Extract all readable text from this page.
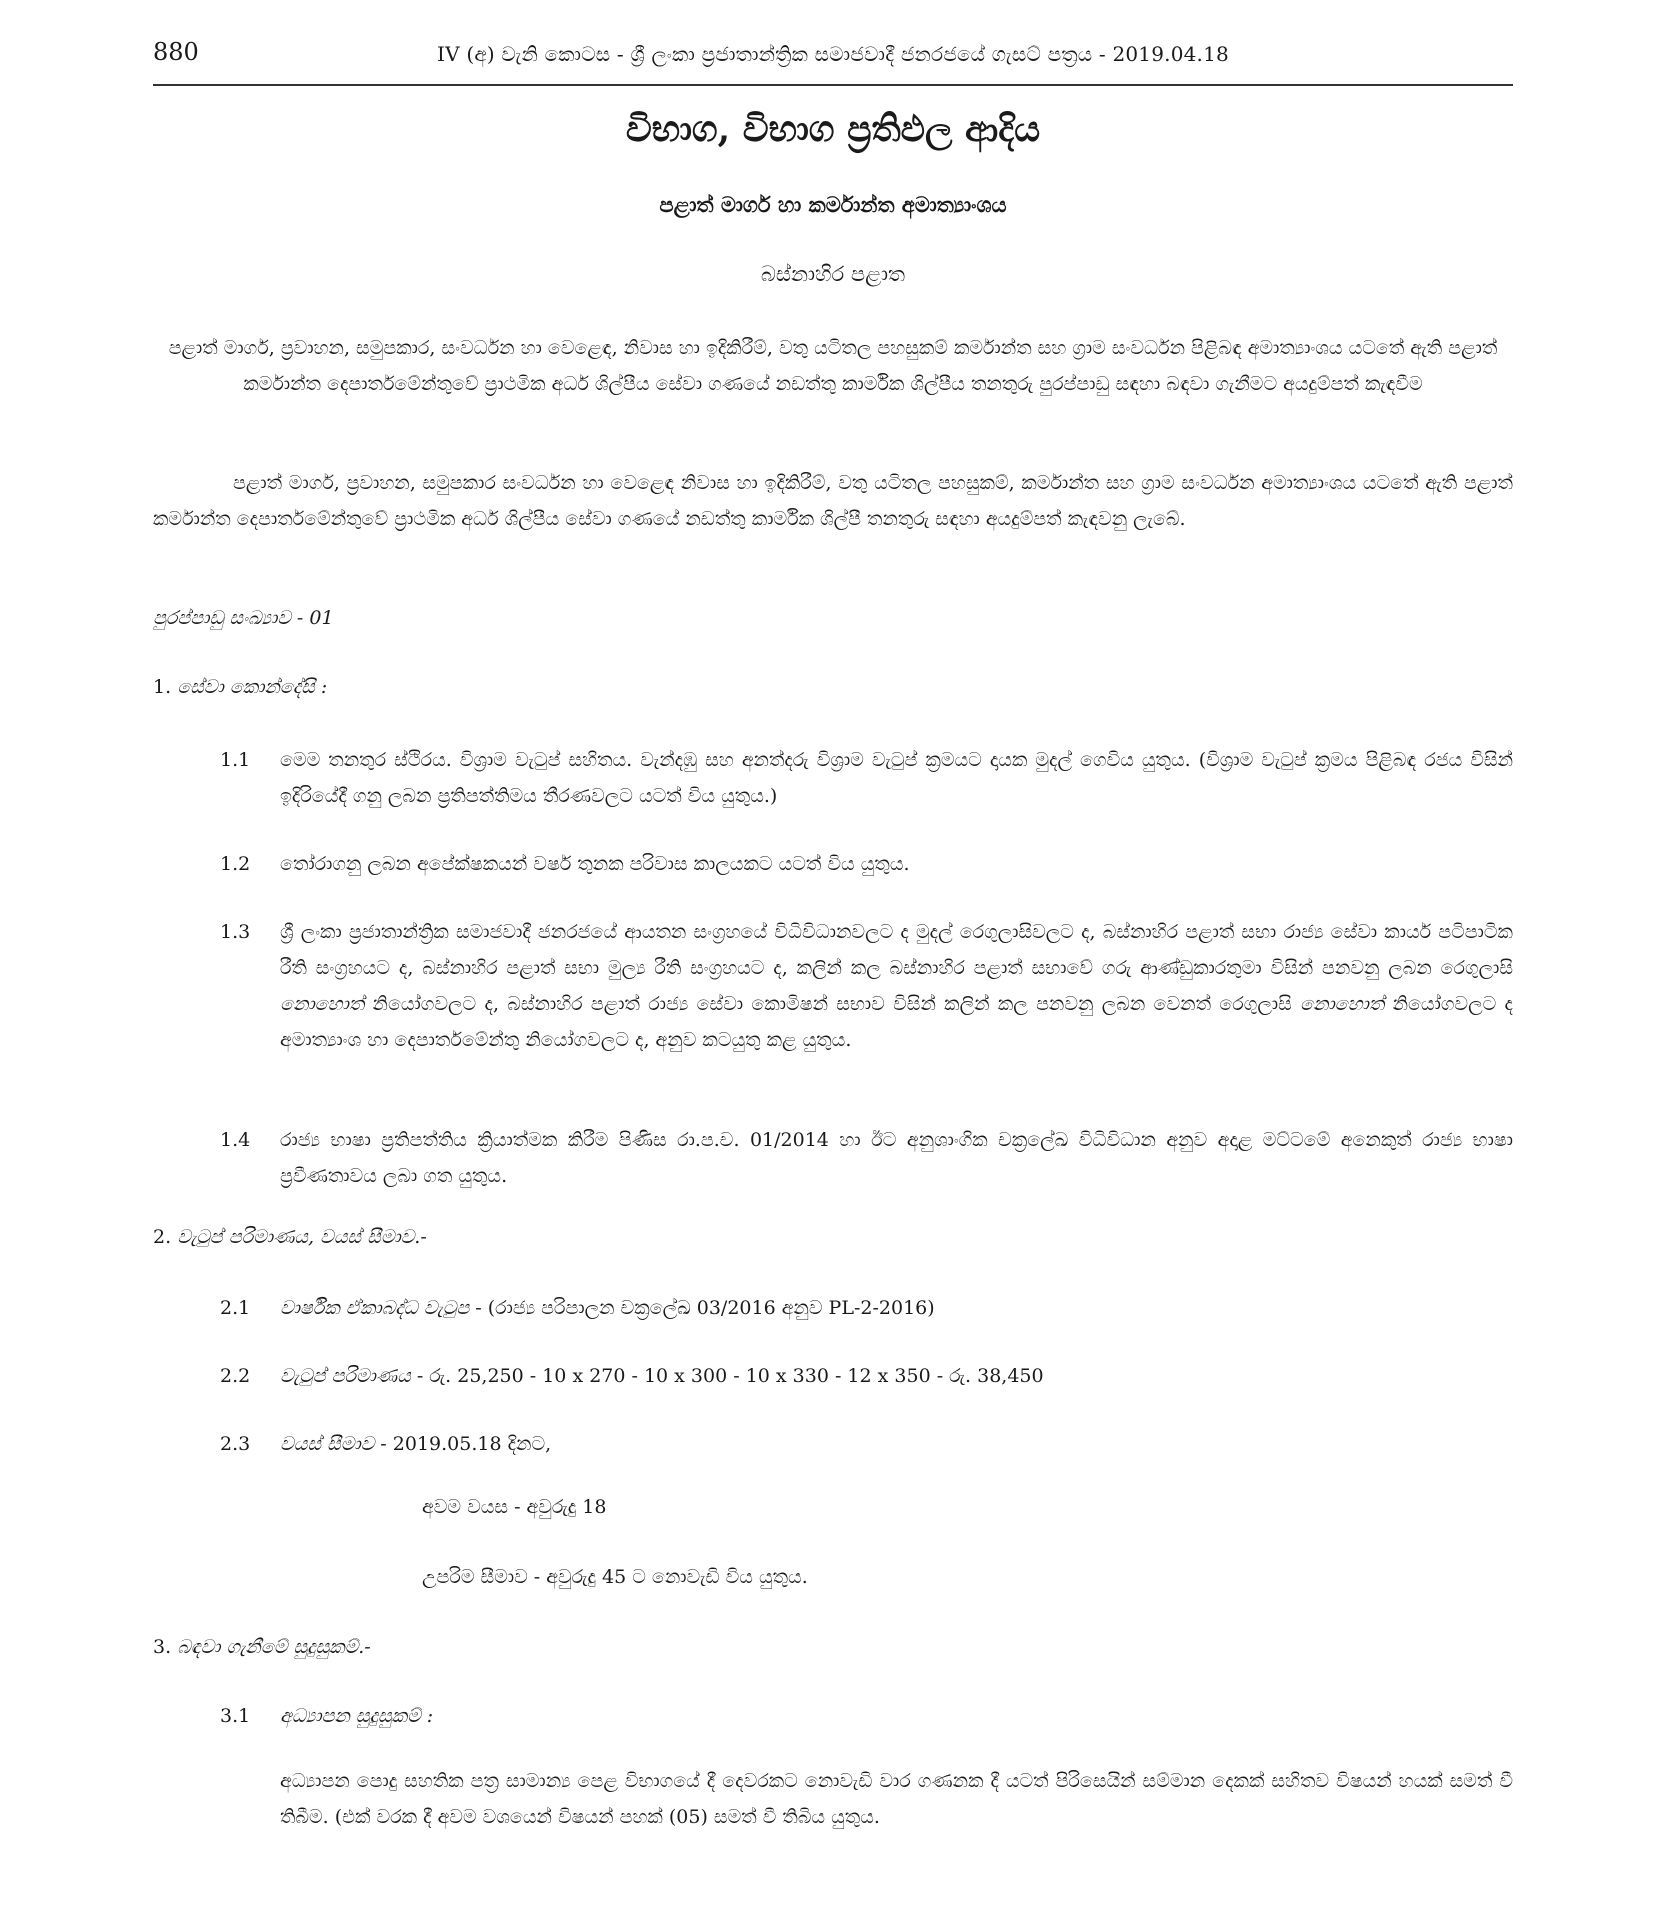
880	IV (අ) වැනි කොටස - ශ්‍රී ලංකා ප්‍රජාතාන්ත්‍රික සමාජවාදී ජනරජයේ ගැසට් පත්‍රය - 2019.04.18
විභාග, විභාග ප්‍රතිඵල ආදිය
පළාත් මාර්ග හා කර්මාන්ත අමාත්‍යාංශය
බස්නාහිර පළාත
පළාත් මාර්ග, ප්‍රවාහන, සමුපකාර, සංවර්ධන හා වෙළෙඳ, නිවාස හා ඉදිකිරීම්, වතු යටිතල පහසුකම් කර්මාන්ත සහ ග්‍රාම සංවර්ධන පිළිබඳ අමාත්‍යාංශය යටතේ ඇති පළාත් කර්මාන්ත දෙපාර්තමේන්තුවේ ප්‍රාථමික අර්ධ ශිල්පීය සේවා ගණයේ නඩත්තු කාර්මික ශිල්පීය තනතුරු පුරප්පාඩු සඳහා බඳවා ගැනීමට අයදුම්පත් කැඳවීම
පළාත් මාර්ග, ප්‍රවාහන, සමුපකාර සංවර්ධන හා වෙළෙඳ නිවාස හා ඉදිකිරීම්, වතු යටිතල පහසුකම්, කර්මාන්ත සහ ග්‍රාම සංවර්ධන අමාත්‍යාංශය යටතේ ඇති පළාත් කර්මාන්ත දෙපාර්තමේන්තුවේ ප්‍රාථමික අර්ධ ශිල්පීය සේවා ගණයේ නඩත්තු කාර්මික ශිල්පී තනතුරු සඳහා අයදුම්පත් කැඳවනු ලැබේ.
පුරප්පාඩු සංඛ්‍යාව - 01
1. සේවා කොන්දේසි :
1.1 මෙම තනතුර ස්ථිරය. විශ්‍රාම වැටුප් සහිතය. වැන්දඹු සහ අනත්දරු විශ්‍රාම වැටුප් ක්‍රමයට දායක මුදල් ගෙවිය යුතුය. (විශ්‍රාම වැටුප් ක්‍රමය පිළිබඳ රජය විසින් ඉදිරියේදී ගනු ලබන ප්‍රතිපත්තිමය තීරණවලට යටත් විය යුතුය.)
1.2 තෝරාගනු ලබන අපේක්ෂකයන් වර්ෂ තුනක පරිවාස කාලයකට යටත් විය යුතුය.
1.3 ශ්‍රී ලංකා ප්‍රජාතාන්ත්‍රික සමාජවාදී ජනරජයේ ආයතන සංග්‍රහයේ විධිවිධානවලට ද මුදල් රෙගුලාසිවලට ද, බස්නාහිර පළාත් සභා රාජ්‍ය සේවා කාර්ය පටිපාටික රීති සංග්‍රහයට ද, බස්නාහිර පළාත් සභා මුල්‍ය රීති සංග්‍රහයට ද, කලින් කල බස්නාහිර පළාත් සභාවේ ගරු ආණ්ඩුකාරතුමා විසින් පනවනු ලබන රෙගුලාසි නොහොත් නියෝගවලට ද, බස්නාහිර පළාත් රාජ්‍ය සේවා කොමිෂන් සභාව විසින් කලින් කල පනවනු ලබන වෙනත් රෙගුලාසි නොහොත් නියෝගවලට ද අමාත්‍යාංශ හා දෙපාර්තමේන්තු නියෝගවලට ද, අනුව කටයුතු කළ යුතුය.
1.4 රාජ්‍ය භාෂා ප්‍රතිපත්තිය ක්‍රියාත්මක කිරීම පිණිස රා.ප.ච. 01/2014 හා ඊට අනුශාංගික චක්‍රලේඛ විධිවිධාන අනුව අදාළ මට්ටමේ අනෙකුත් රාජ්‍ය භාෂා ප්‍රවීණතාවය ලබා ගත යුතුය.
2. වැටුප් පරිමාණය, වයස් සීමාව.-
2.1 වාර්ෂික ඒකාබද්ධ වැටුප - (රාජ්‍ය පරිපාලන චක්‍රලේඛ 03/2016 අනුව PL-2-2016)
2.2 වැටුප් පරිමාණය - රු. 25,250 - 10 x 270 - 10 x 300 - 10 x 330 - 12 x 350 - රු. 38,450
2.3 වයස් සීමාව - 2019.05.18 දිනට,
අවම වයස - අවුරුදු 18
උපරිම සීමාව - අවුරුදු 45 ට නොවැඩි විය යුතුය.
3. බඳවා ගැනීමේ සුදුසුකම්.-
3.1 අධ්‍යාපන සුදුසුකම් :
අධ්‍යාපන පොදු සහතික පත්‍ර සාමාන්‍ය පෙළ විභාගයේ දී දෙවරකට නොවැඩි වාර ගණනක දී යටත් පිරිසෙයින් සම්මාන දෙකක් සහිතව විෂයන් හයක් සමත් වී තිබීම. (එක් වරක දී අවම වශයෙන් විෂයන් පහක් (05) සමත් වී තිබිය යුතුය.
